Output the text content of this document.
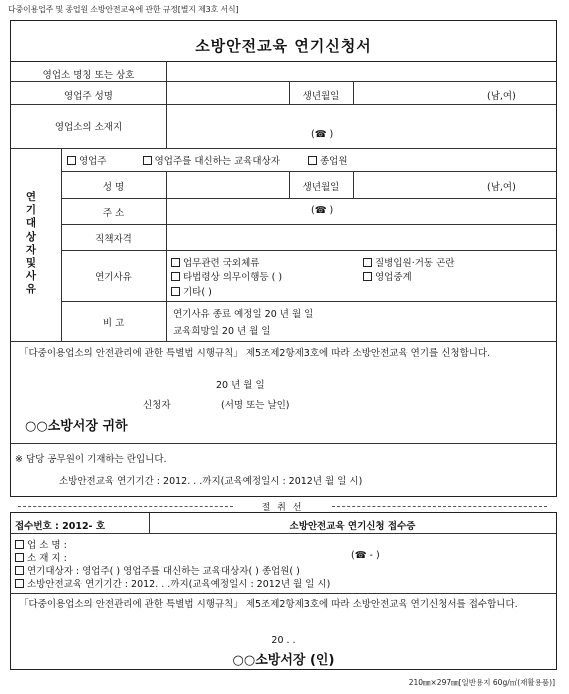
다중이용업주 및 종업원 소방안전교육에 관한 규정[별지 제3호 서식]
소방안전교육 연기신청서
영업소 명칭 또는 상호
영업주 성명	생년월일	(남,여)
영업소의 소재지
(☎ )
연기대상자및사유
영업주	영업주를 대신하는 교육대상자	종업원
성 명	생년월일	(남,여)
주 소	(☎ )
직책자격
연기사유
업무관련 국외체류	질병입원·거동 곤란
타법령상 의무이행등 ( )	영업중계
기타( )
비 고
연기사유 종료 예정일 20 년 월 일
교육희망일 20 년 월 일
「다중이용업소의 안전관리에 관한 특별법 시행규칙」 제5조제2항제3호에 따라 소방안전교육 연기를 신청합니다.
20 년 월 일
신청자	(서명 또는 날인)
○○소방서장 귀하
※ 담당 공무원이 기재하는 란입니다.
소방안전교육 연기기간 : 2012. . .까지(교육예정일시 : 2012년 월 일 시)
절 취 선
접수번호 : 2012- 호	소방안전교육 연기신청 접수증
업 소 명 :
소 재 지 :	(☎ - )
연기대상자 : 영업주( ) 영업주를 대신하는 교육대상자( ) 종업원( )
소방안전교육 연기기간 : 2012. . .까지(교육예정일시 : 2012년 월 일 시)
「다중이용업소의 안전관리에 관한 특별법 시행규칙」 제5조제2항제3호에 따라 소방안전교육 연기신청서를 접수합니다.
20 . .
○○소방서장 (인)
210㎜×297㎜[일반용지 60g/㎡(재활용품)]
